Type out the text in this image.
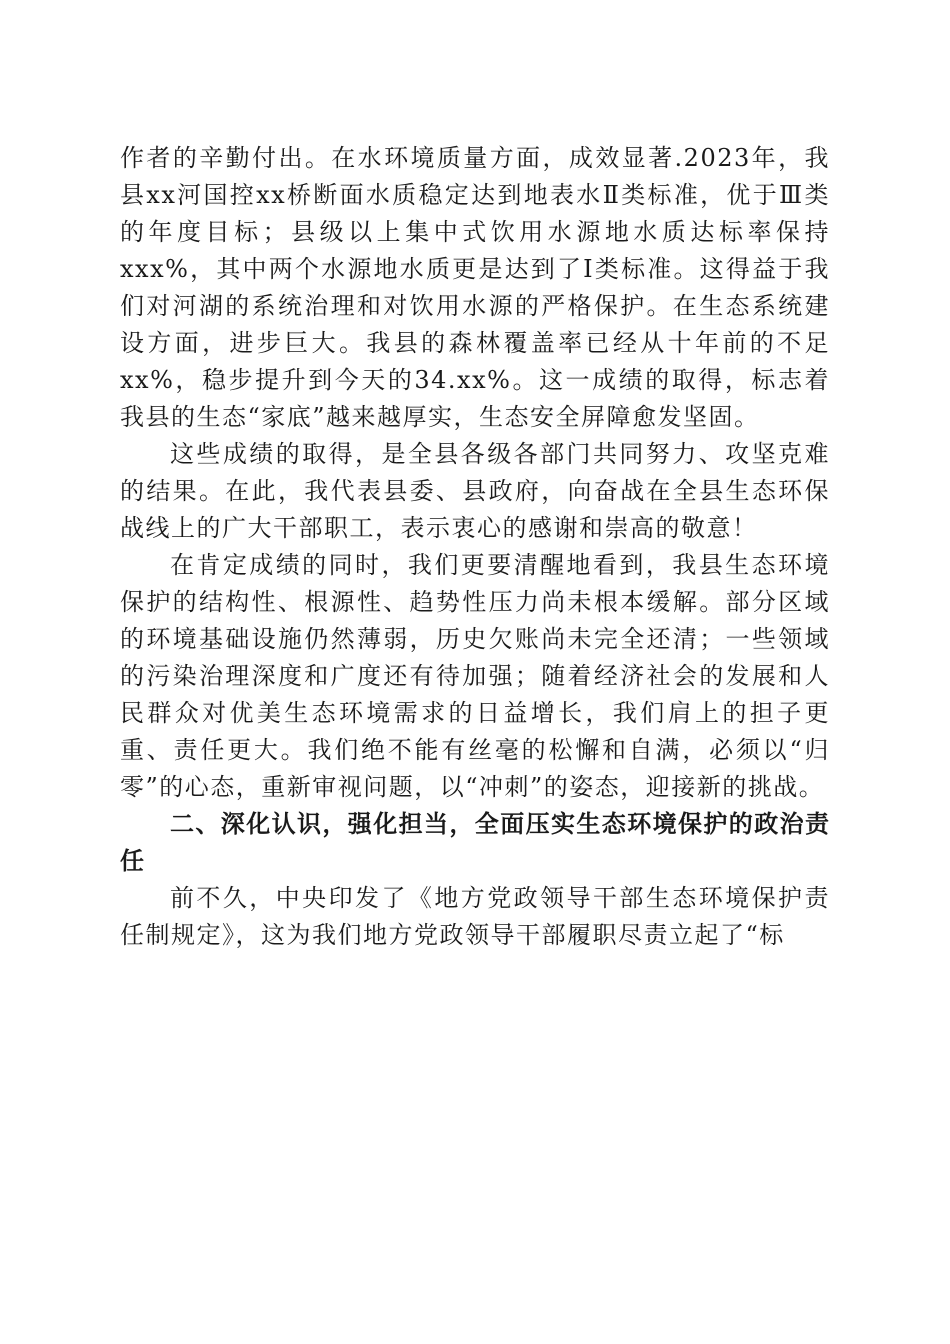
作者的辛勤付出。在水环境质量方面，成效显著.2023年，我县xx河国控xx桥断面水质稳定达到地表水Ⅱ类标准，优于Ⅲ类的年度目标；县级以上集中式饮用水源地水质达标率保持xxx%，其中两个水源地水质更是达到了Ⅰ类标准。这得益于我们对河湖的系统治理和对饮用水源的严格保护。在生态系统建设方面，进步巨大。我县的森林覆盖率已经从十年前的不足xx%，稳步提升到今天的34.xx%。这一成绩的取得，标志着我县的生态“家底”越来越厚实，生态安全屏障愈发坚固。

这些成绩的取得，是全县各级各部门共同努力、攻坚克难的结果。在此，我代表县委、县政府，向奋战在全县生态环保战线上的广大干部职工，表示衷心的感谢和崇高的敬意！

在肯定成绩的同时，我们更要清醒地看到，我县生态环境保护的结构性、根源性、趋势性压力尚未根本缓解。部分区域的环境基础设施仍然薄弱，历史欠账尚未完全还清；一些领域的污染治理深度和广度还有待加强；随着经济社会的发展和人民群众对优美生态环境需求的日益增长，我们肩上的担子更重、责任更大。我们绝不能有丝毫的松懈和自满，必须以“归零”的心态，重新审视问题，以“冲刺”的姿态，迎接新的挑战。

二、深化认识，强化担当，全面压实生态环境保护的政治责任

前不久，中央印发了《地方党政领导干部生态环境保护责任制规定》，这为我们地方党政领导干部履职尽责立起了“标
